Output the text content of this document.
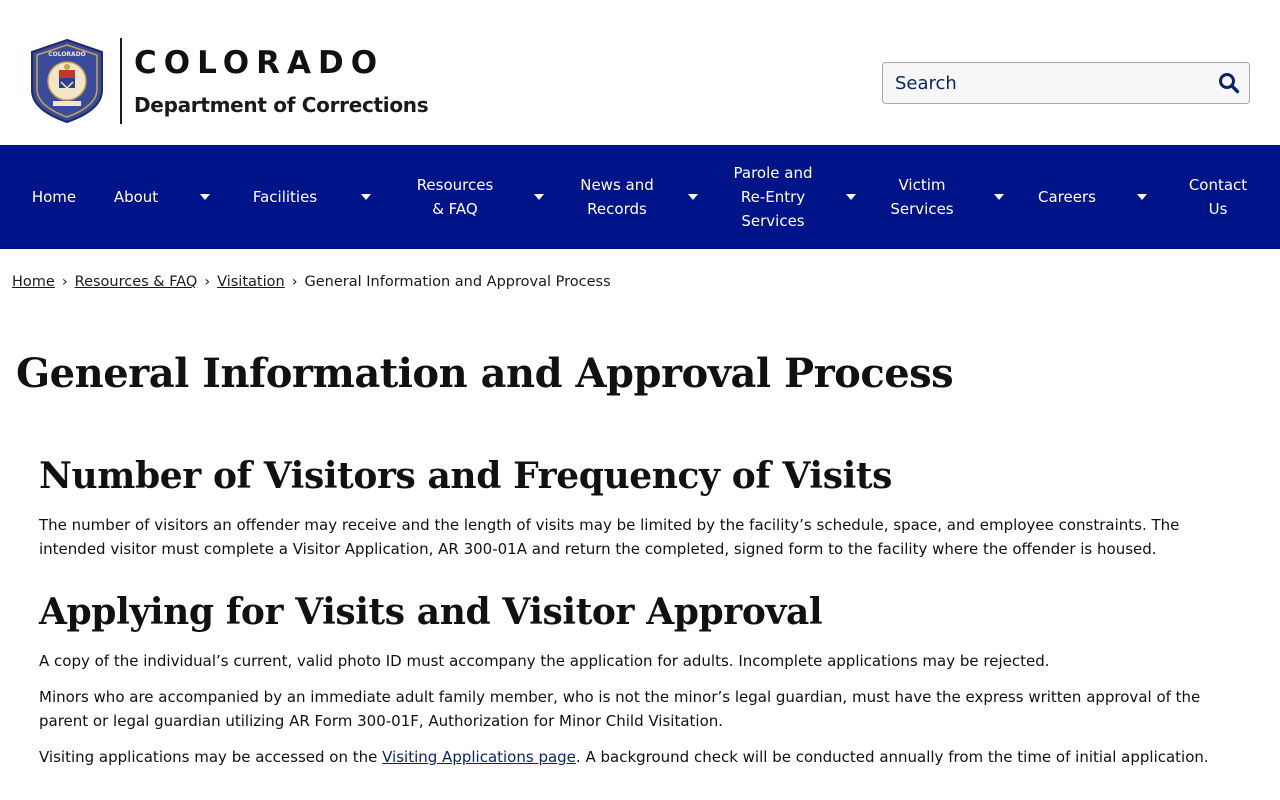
COLORADO COLORADO
Department of Corrections
Search
Home	About	Facilities
Resources
& FAQ
News and
Records
Parole and
Re-Entry
Services
Victim
Services
Careers
Contact
Us
Home › Resources & FAQ › Visitation › General Information and Approval Process
General Information and Approval Process
Number of Visitors and Frequency of Visits

The number of visitors an offender may receive and the length of visits may be limited by the facility’s schedule, space, and employee constraints. The intended visitor must complete a Visitor Application, AR 300-01A and return the completed, signed form to the facility where the offender is housed.

Applying for Visits and Visitor Approval

A copy of the individual’s current, valid photo ID must accompany the application for adults. Incomplete applications may be rejected.

Minors who are accompanied by an immediate adult family member, who is not the minor’s legal guardian, must have the express written approval of the parent or legal guardian utilizing AR Form 300-01F, Authorization for Minor Child Visitation.

Visiting applications may be accessed on the Visiting Applications page. A background check will be conducted annually from the time of initial application.
